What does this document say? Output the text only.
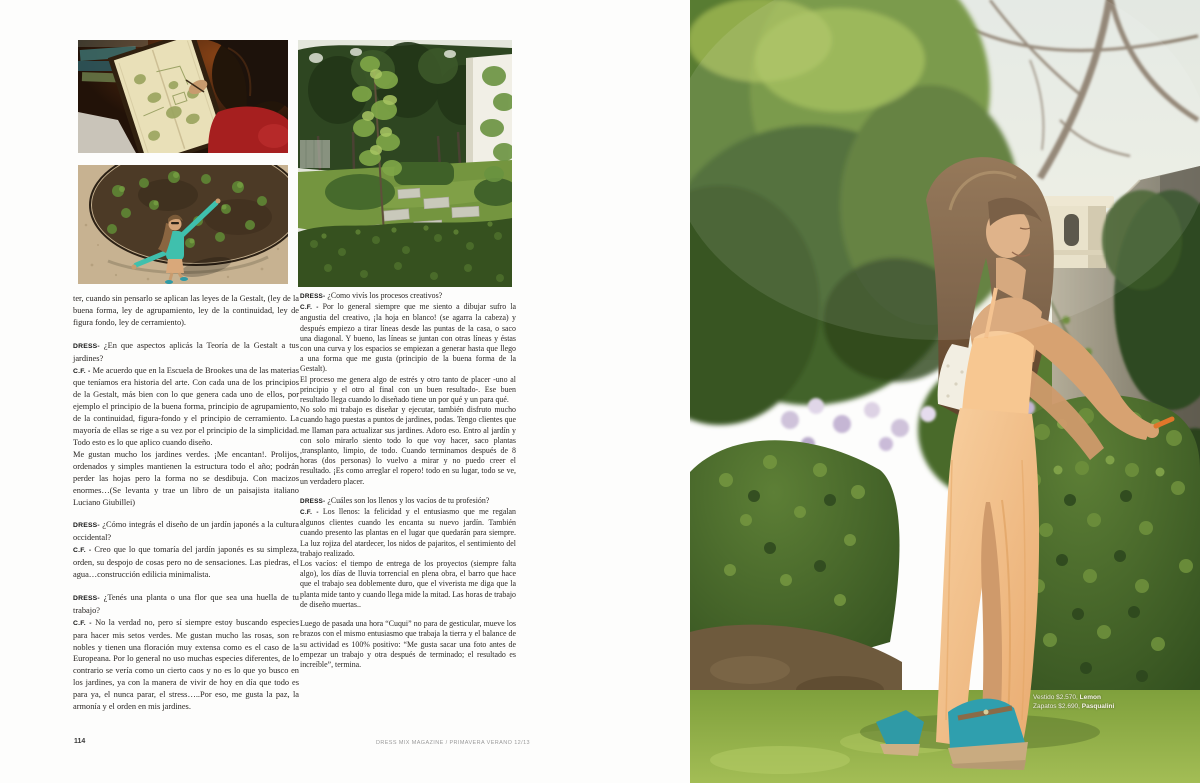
ter, cuando sin pensarlo se aplican las leyes de la Gestalt, (ley de la buena forma, ley de agrupamiento, ley de la continuidad, ley de figura fondo, ley de cerramiento).

DRESS- ¿En que aspectos aplicás la Teoría de la Gestalt a tus jardines?

C.F. - Me acuerdo que en la Escuela de Brookes una de las materias que teníamos era historia del arte. Con cada una de los principios de la Gestalt, más bien con lo que genera cada uno de ellos, por ejemplo el principio de la buena forma, principio de agrupamiento, de la continuidad, figura-fondo y el principio de cerramiento. La mayoría de ellas se rige a su vez por el principio de la simplicidad. Todo esto es lo que aplico cuando diseño.

Me gustan mucho los jardines verdes. ¡Me encantan!. Prolijos, ordenados y simples mantienen la estructura todo el año; podrán perder las hojas pero la forma no se desdibuja. Con macizos enormes…(Se levanta y trae un libro de un paisajista italiano Luciano Giubillei)

DRESS- ¿Cómo integrás el diseño de un jardín japonés a la cultura occidental?

C.F. - Creo que lo que tomaría del jardín japonés es su simpleza, orden, su despojo de cosas pero no de sensaciones. Las piedras, el agua…construcción edilicia minimalista.

DRESS- ¿Tenés una planta o una flor que sea una huella de tu trabajo?

C.F. - No la verdad no, pero sí siempre estoy buscando especies para hacer mis setos verdes. Me gustan mucho las rosas, son re nobles y tienen una floración muy extensa como es el caso de la Europeana. Por lo general no uso muchas especies diferentes, de lo contrario se vería como un cierto caos y no es lo que yo busco en los jardines, ya con la manera de vivir de hoy en día que todo es para ya, el nunca parar, el stress…..Por eso, me gusta la paz, la armonía y el orden en mis jardines.

DRESS- ¿Como vivís los procesos creativos?

C.F. - Por lo general siempre que me siento a dibujar sufro la angustia del creativo, ¡la hoja en blanco! (se agarra la cabeza) y después empiezo a tirar líneas desde las puntas de la casa, o saco una diagonal. Y bueno, las líneas se juntan con otras líneas y éstas con una curva y los espacios se empiezan a generar hasta que llego a una forma que me gusta (principio de la buena forma de la Gestalt).

El proceso me genera algo de estrés y otro tanto de placer -uno al principio y el otro al final con un buen resultado-. Ese buen resultado llega cuando lo diseñado tiene un por qué y un para qué.

No solo mi trabajo es diseñar y ejecutar, también disfruto mucho cuando hago puestas a puntos de jardines, podas. Tengo clientes que me llaman para actualizar sus jardines. Adoro eso. Entro al jardín y con solo mirarlo siento todo lo que voy hacer, saco plantas ,transplanto, limpio, de todo. Cuando terminamos después de 8 horas (dos personas) lo vuelvo a mirar y no puedo creer el resultado. ¡Es como arreglar el ropero! todo en su lugar, todo se ve, un verdadero placer.

DRESS- ¿Cuáles son los llenos y los vacíos de tu profesión?

C.F. - Los llenos: la felicidad y el entusiasmo que me regalan algunos clientes cuando les encanta su nuevo jardín. También cuando presento las plantas en el lugar que quedarán para siempre. La luz rojiza del atardecer, los nidos de pajaritos, el sentimiento del trabajo realizado.

Los vacíos: el tiempo de entrega de los proyectos (siempre falta algo), los días de lluvia torrencial en plena obra, el barro que hace que el trabajo sea doblemente duro, que el viverista me diga que la planta mide tanto y cuando llega mide la mitad. Las horas de trabajo de diseño muertas..

Luego de pasada una hora “Cuqui” no para de gesticular, mueve los brazos con el mismo entusiasmo que trabaja la tierra y el balance de su actividad es 100% positivo: “Me gusta sacar una foto antes de empezar un trabajo y otra después de terminado; el resultado es increíble”, termina.

114	DRESS MIX MAGAZINE / PRIMAVERA VERANO 12/13
Vestido $2.570, Lemon
Zapatos $2.690, Pasqualini
